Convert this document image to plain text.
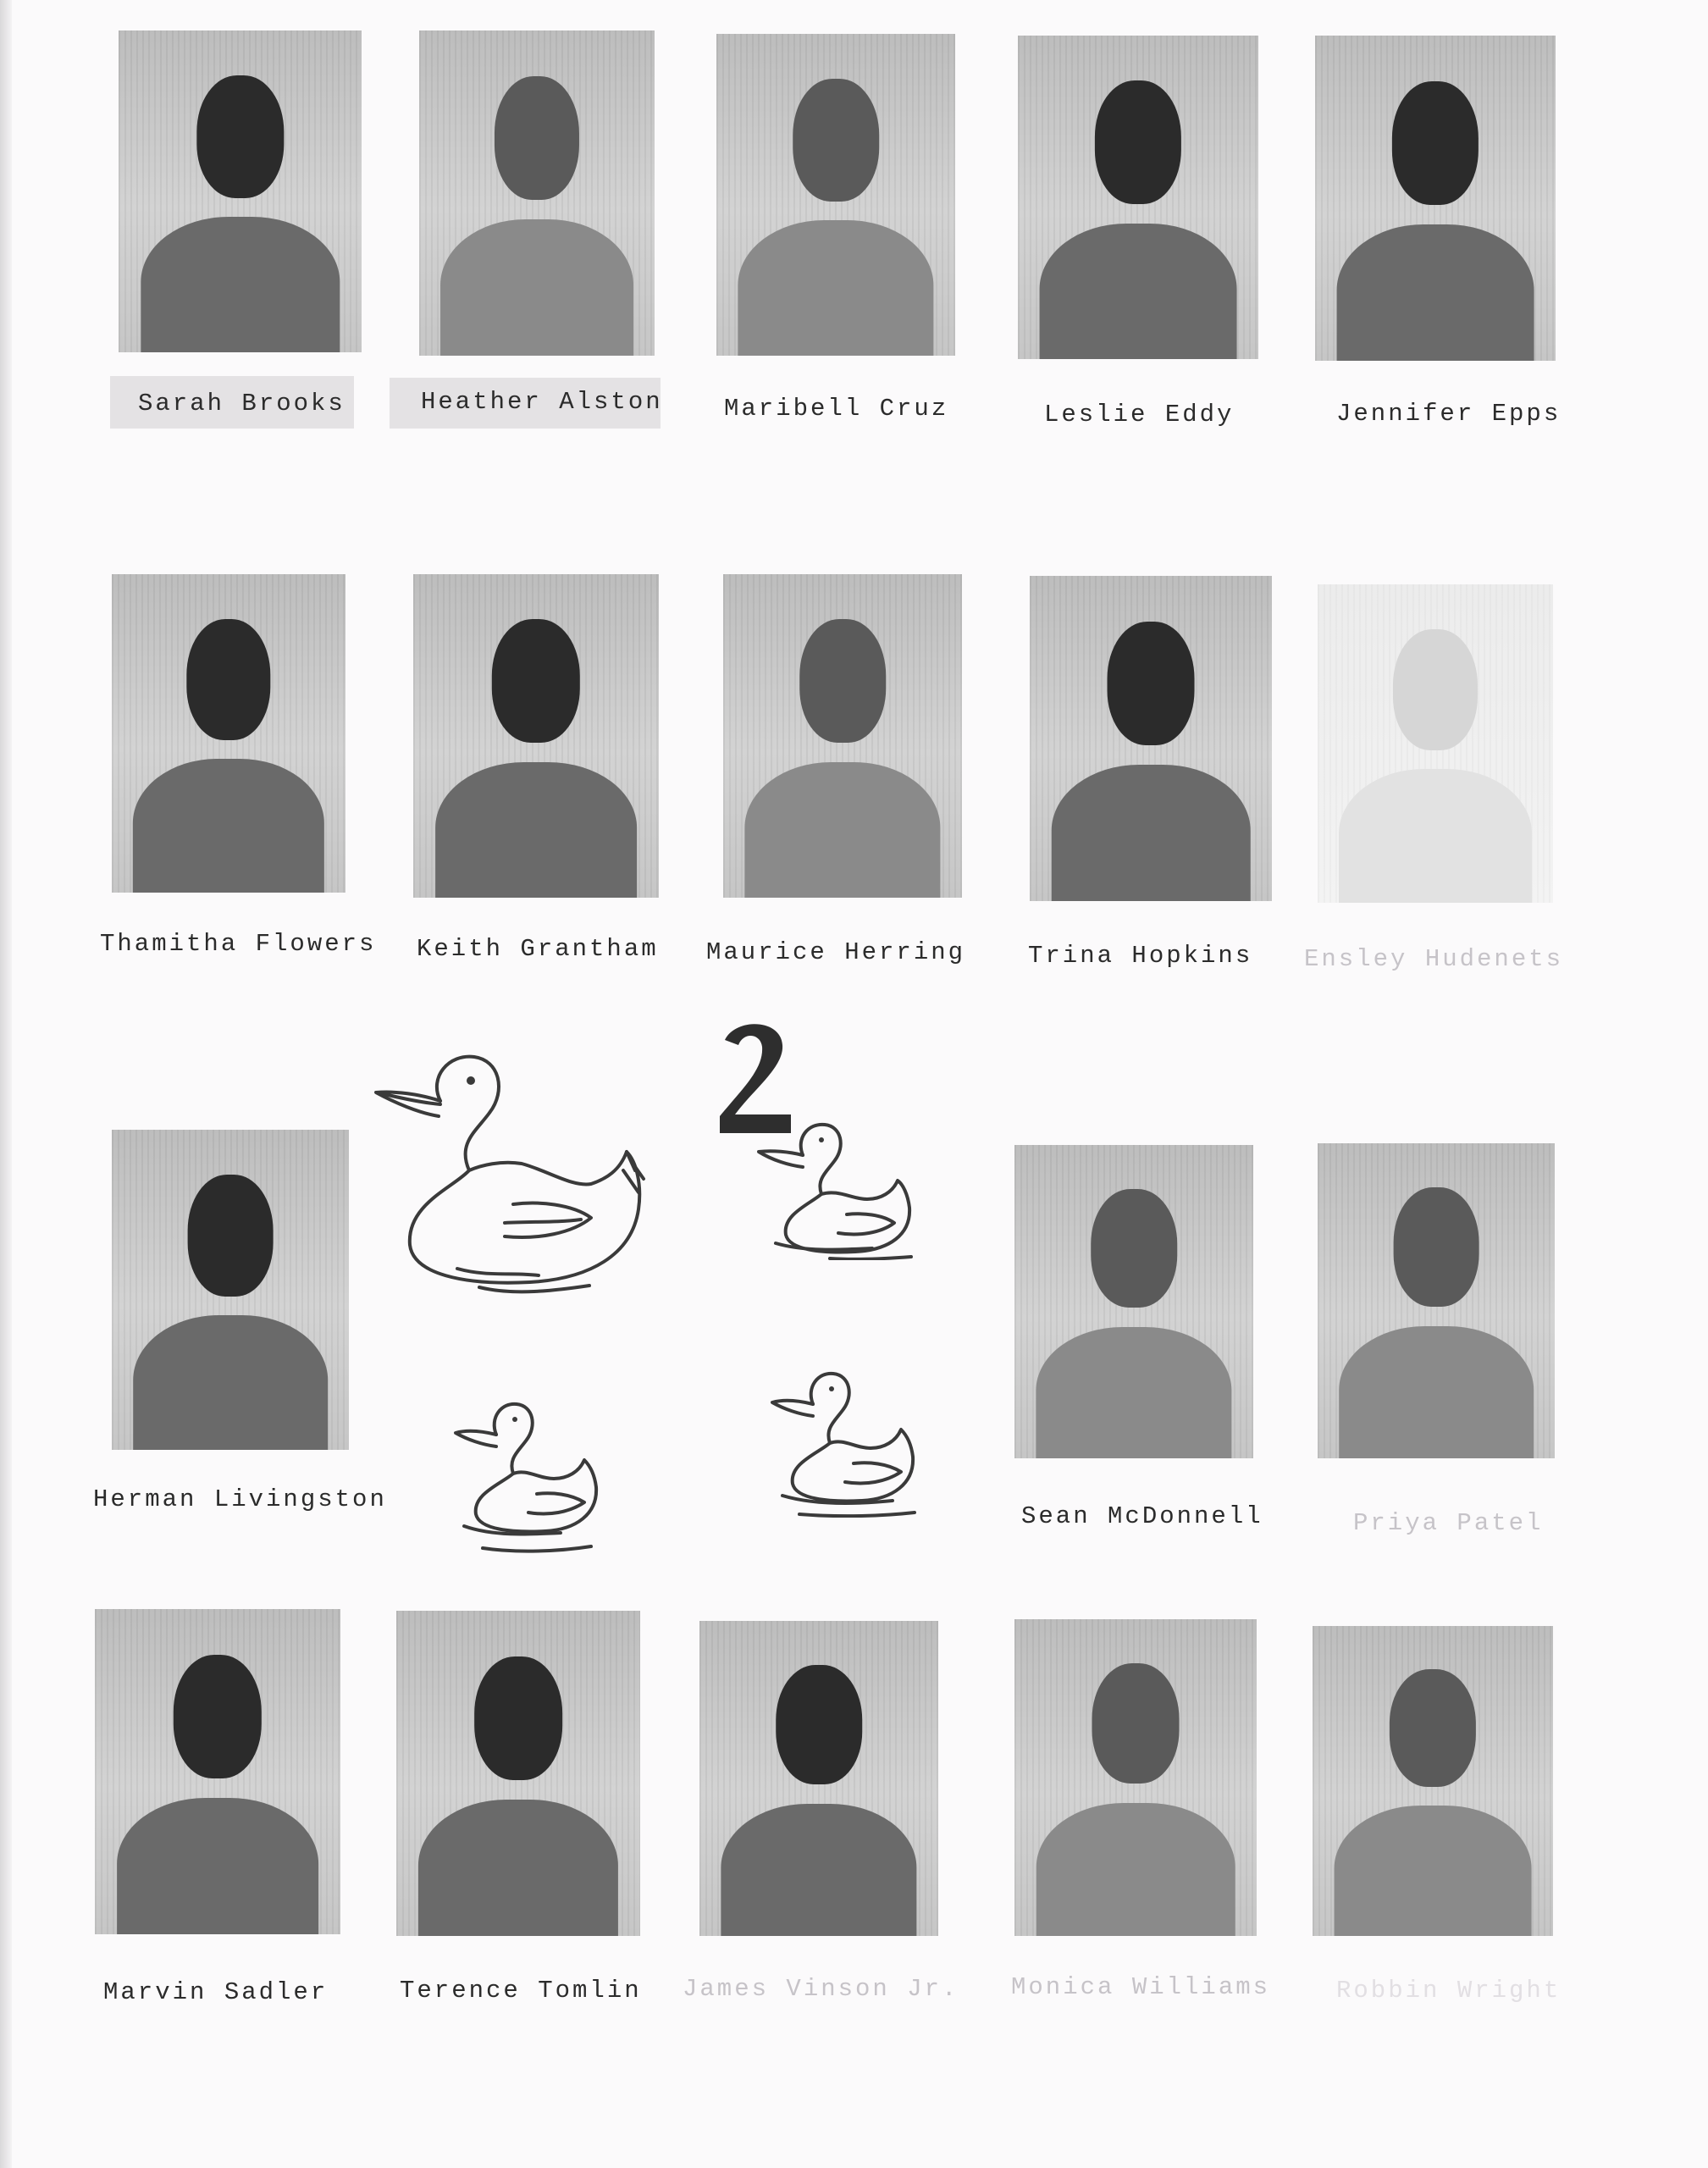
Sarah Brooks	Heather Alston Maribell Cruz	Leslie Eddy	Jennifer Epps
Thamitha Flowers Keith Grantham Maurice Herring	Trina Hopkins Ensley Hudenets
Herman Livingston
Sean McDonnell	Priya Patel
Marvin Sadler	Terence Tomlin James Vinson Jr. Monica Williams	Robbin Wright
